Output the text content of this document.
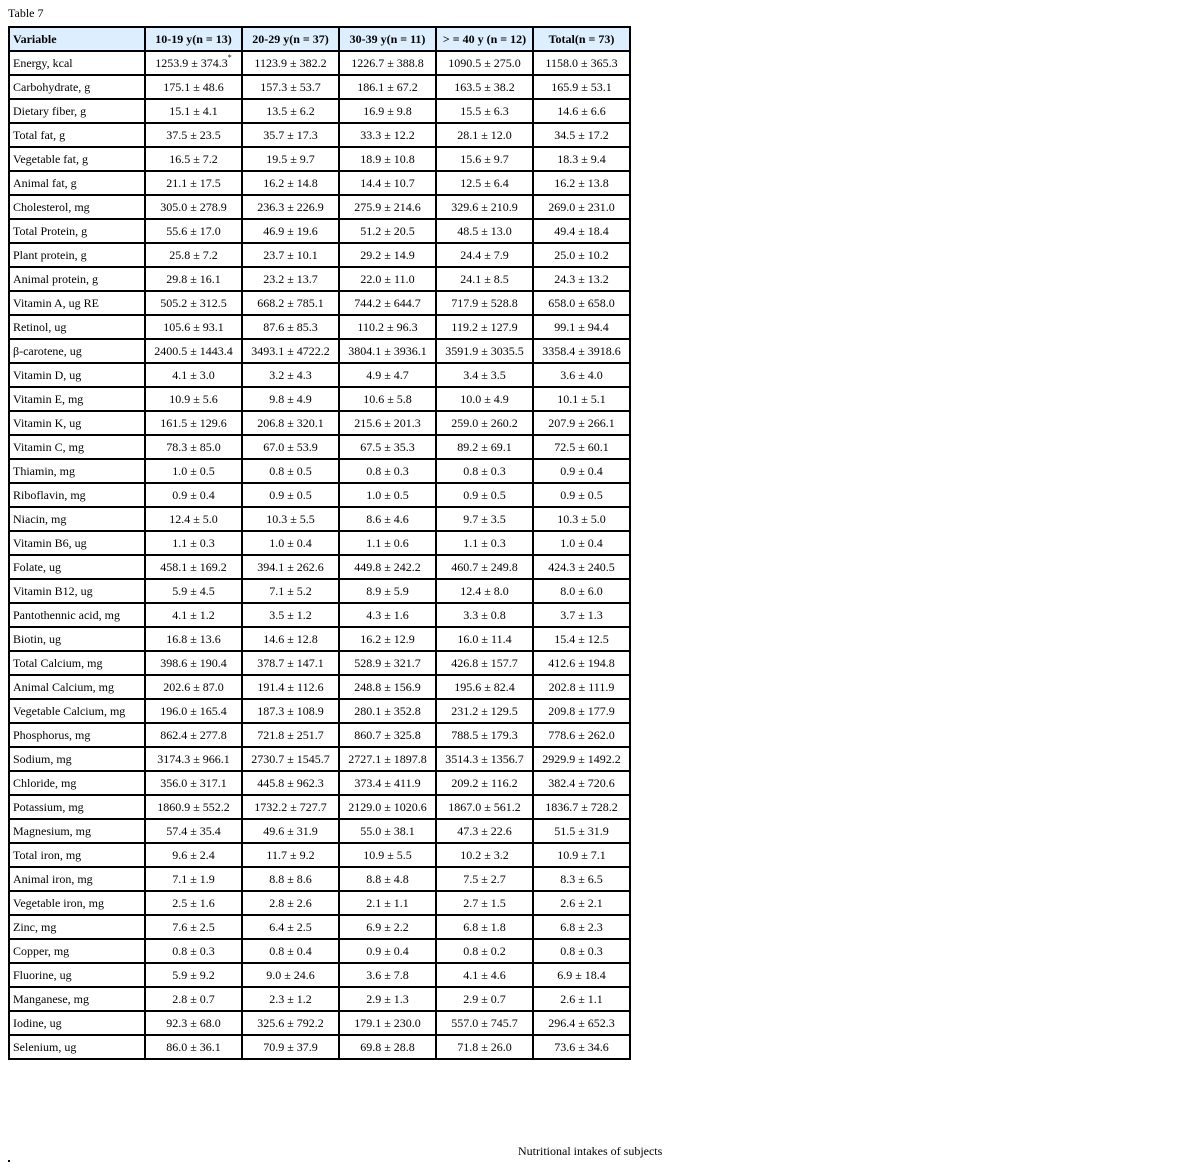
Table 7
Variable	10-19 y(n = 13)	20-29 y(n = 37)	30-39 y(n = 11)	> = 40 y (n = 12)	Total(n = 73)
Energy, kcal	1253.9 ± 374.3*	1123.9 ± 382.2	1226.7 ± 388.8	1090.5 ± 275.0	1158.0 ± 365.3
Carbohydrate, g	175.1 ± 48.6	157.3 ± 53.7	186.1 ± 67.2	163.5 ± 38.2	165.9 ± 53.1
Dietary fiber, g	15.1 ± 4.1	13.5 ± 6.2	16.9 ± 9.8	15.5 ± 6.3	14.6 ± 6.6
Total fat, g	37.5 ± 23.5	35.7 ± 17.3	33.3 ± 12.2	28.1 ± 12.0	34.5 ± 17.2
Vegetable fat, g	16.5 ± 7.2	19.5 ± 9.7	18.9 ± 10.8	15.6 ± 9.7	18.3 ± 9.4
Animal fat, g	21.1 ± 17.5	16.2 ± 14.8	14.4 ± 10.7	12.5 ± 6.4	16.2 ± 13.8
Cholesterol, mg	305.0 ± 278.9	236.3 ± 226.9	275.9 ± 214.6	329.6 ± 210.9	269.0 ± 231.0
Total Protein, g	55.6 ± 17.0	46.9 ± 19.6	51.2 ± 20.5	48.5 ± 13.0	49.4 ± 18.4
Plant protein, g	25.8 ± 7.2	23.7 ± 10.1	29.2 ± 14.9	24.4 ± 7.9	25.0 ± 10.2
Animal protein, g	29.8 ± 16.1	23.2 ± 13.7	22.0 ± 11.0	24.1 ± 8.5	24.3 ± 13.2
Vitamin A, ug RE	505.2 ± 312.5	668.2 ± 785.1	744.2 ± 644.7	717.9 ± 528.8	658.0 ± 658.0
Retinol, ug	105.6 ± 93.1	87.6 ± 85.3	110.2 ± 96.3	119.2 ± 127.9	99.1 ± 94.4
β-carotene, ug	2400.5 ± 1443.4	3493.1 ± 4722.2	3804.1 ± 3936.1	3591.9 ± 3035.5	3358.4 ± 3918.6
Vitamin D, ug	4.1 ± 3.0	3.2 ± 4.3	4.9 ± 4.7	3.4 ± 3.5	3.6 ± 4.0
Vitamin E, mg	10.9 ± 5.6	9.8 ± 4.9	10.6 ± 5.8	10.0 ± 4.9	10.1 ± 5.1
Vitamin K, ug	161.5 ± 129.6	206.8 ± 320.1	215.6 ± 201.3	259.0 ± 260.2	207.9 ± 266.1
Vitamin C, mg	78.3 ± 85.0	67.0 ± 53.9	67.5 ± 35.3	89.2 ± 69.1	72.5 ± 60.1
Thiamin, mg	1.0 ± 0.5	0.8 ± 0.5	0.8 ± 0.3	0.8 ± 0.3	0.9 ± 0.4
Riboflavin, mg	0.9 ± 0.4	0.9 ± 0.5	1.0 ± 0.5	0.9 ± 0.5	0.9 ± 0.5
Niacin, mg	12.4 ± 5.0	10.3 ± 5.5	8.6 ± 4.6	9.7 ± 3.5	10.3 ± 5.0
Vitamin B6, ug	1.1 ± 0.3	1.0 ± 0.4	1.1 ± 0.6	1.1 ± 0.3	1.0 ± 0.4
Folate, ug	458.1 ± 169.2	394.1 ± 262.6	449.8 ± 242.2	460.7 ± 249.8	424.3 ± 240.5
Vitamin B12, ug	5.9 ± 4.5	7.1 ± 5.2	8.9 ± 5.9	12.4 ± 8.0	8.0 ± 6.0
Pantothennic acid, mg	4.1 ± 1.2	3.5 ± 1.2	4.3 ± 1.6	3.3 ± 0.8	3.7 ± 1.3
Biotin, ug	16.8 ± 13.6	14.6 ± 12.8	16.2 ± 12.9	16.0 ± 11.4	15.4 ± 12.5
Total Calcium, mg	398.6 ± 190.4	378.7 ± 147.1	528.9 ± 321.7	426.8 ± 157.7	412.6 ± 194.8
Animal Calcium, mg	202.6 ± 87.0	191.4 ± 112.6	248.8 ± 156.9	195.6 ± 82.4	202.8 ± 111.9
Vegetable Calcium, mg	196.0 ± 165.4	187.3 ± 108.9	280.1 ± 352.8	231.2 ± 129.5	209.8 ± 177.9
Phosphorus, mg	862.4 ± 277.8	721.8 ± 251.7	860.7 ± 325.8	788.5 ± 179.3	778.6 ± 262.0
Sodium, mg	3174.3 ± 966.1	2730.7 ± 1545.7	2727.1 ± 1897.8	3514.3 ± 1356.7	2929.9 ± 1492.2
Chloride, mg	356.0 ± 317.1	445.8 ± 962.3	373.4 ± 411.9	209.2 ± 116.2	382.4 ± 720.6
Potassium, mg	1860.9 ± 552.2	1732.2 ± 727.7	2129.0 ± 1020.6	1867.0 ± 561.2	1836.7 ± 728.2
Magnesium, mg	57.4 ± 35.4	49.6 ± 31.9	55.0 ± 38.1	47.3 ± 22.6	51.5 ± 31.9
Total iron, mg	9.6 ± 2.4	11.7 ± 9.2	10.9 ± 5.5	10.2 ± 3.2	10.9 ± 7.1
Animal iron, mg	7.1 ± 1.9	8.8 ± 8.6	8.8 ± 4.8	7.5 ± 2.7	8.3 ± 6.5
Vegetable iron, mg	2.5 ± 1.6	2.8 ± 2.6	2.1 ± 1.1	2.7 ± 1.5	2.6 ± 2.1
Zinc, mg	7.6 ± 2.5	6.4 ± 2.5	6.9 ± 2.2	6.8 ± 1.8	6.8 ± 2.3
Copper, mg	0.8 ± 0.3	0.8 ± 0.4	0.9 ± 0.4	0.8 ± 0.2	0.8 ± 0.3
Fluorine, ug	5.9 ± 9.2	9.0 ± 24.6	3.6 ± 7.8	4.1 ± 4.6	6.9 ± 18.4
Manganese, mg	2.8 ± 0.7	2.3 ± 1.2	2.9 ± 1.3	2.9 ± 0.7	2.6 ± 1.1
Iodine, ug	92.3 ± 68.0	325.6 ± 792.2	179.1 ± 230.0	557.0 ± 745.7	296.4 ± 652.3
Selenium, ug	86.0 ± 36.1	70.9 ± 37.9	69.8 ± 28.8	71.8 ± 26.0	73.6 ± 34.6
Nutritional intakes of subjects
